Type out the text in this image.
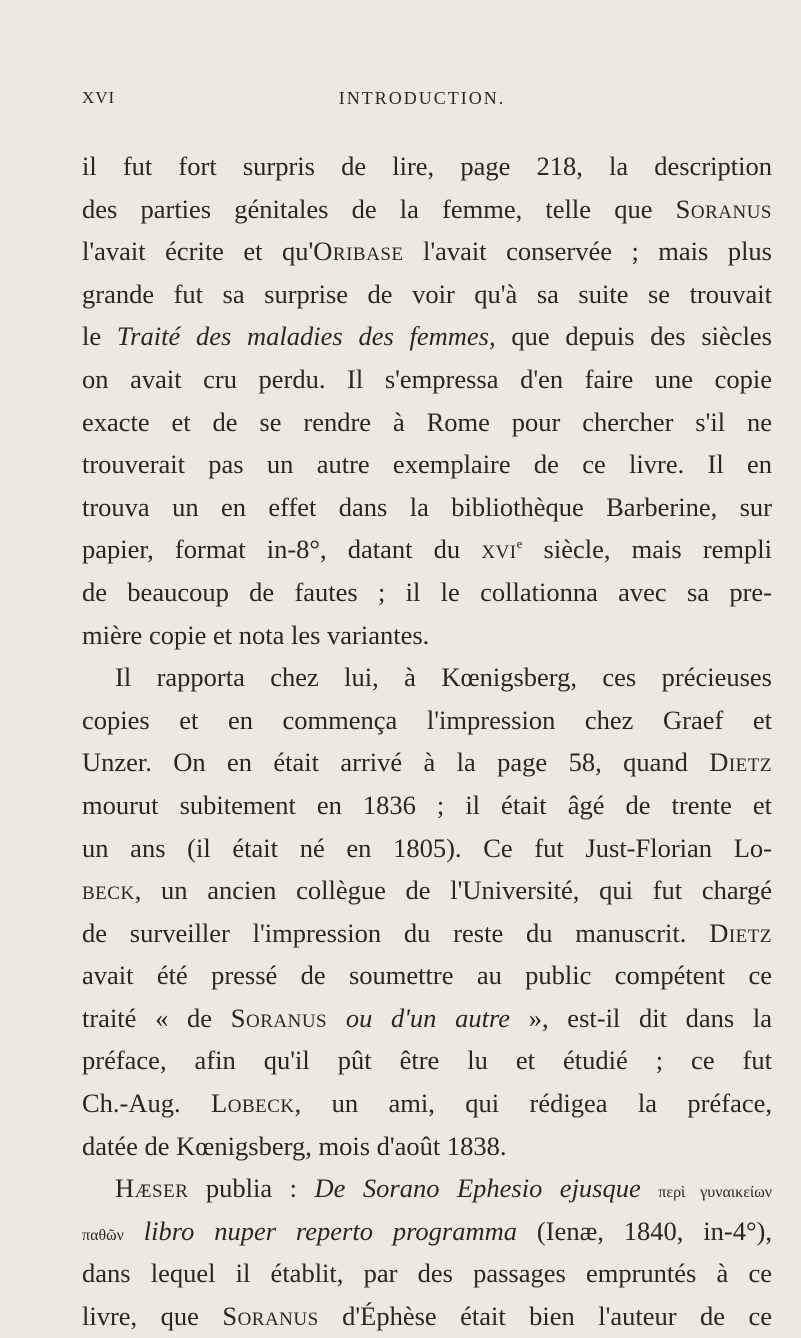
XVI	INTRODUCTION.
il fut fort surpris de lire, page 218, la description
des parties génitales de la femme, telle que Soranus
l'avait écrite et qu'Oribase l'avait conservée ; mais plus
grande fut sa surprise de voir qu'à sa suite se trouvait
le Traité des maladies des femmes, que depuis des siècles
on avait cru perdu. Il s'empressa d'en faire une copie
exacte et de se rendre à Rome pour chercher s'il ne
trouverait pas un autre exemplaire de ce livre. Il en
trouva un en effet dans la bibliothèque Barberine, sur
papier, format in-8°, datant du xvi$^e$ siècle, mais rempli
de beaucoup de fautes ; il le collationna avec sa pre-
mière copie et nota les variantes.
Il rapporta chez lui, à Kœnigsberg, ces précieuses
copies et en commença l'impression chez Graef et
Unzer. On en était arrivé à la page 58, quand Dietz
mourut subitement en 1836 ; il était âgé de trente et
un ans (il était né en 1805). Ce fut Just-Florian Lo-
beck, un ancien collègue de l'Université, qui fut chargé
de surveiller l'impression du reste du manuscrit. Dietz
avait été pressé de soumettre au public compétent ce
traité « de Soranus ou d'un autre », est-il dit dans la
préface, afin qu'il pût être lu et étudié ; ce fut
Ch.-Aug. Lobeck, un ami, qui rédigea la préface,
datée de Kœnigsberg, mois d'août 1838.
Hæser publia : De Sorano Ephesio ejusque περὶ γυναικείων
παθῶν libro nuper reperto programma (Ienæ, 1840, in-4°),
dans lequel il établit, par des passages empruntés à ce
livre, que Soranus d'Éphèse était bien l'auteur de ce
